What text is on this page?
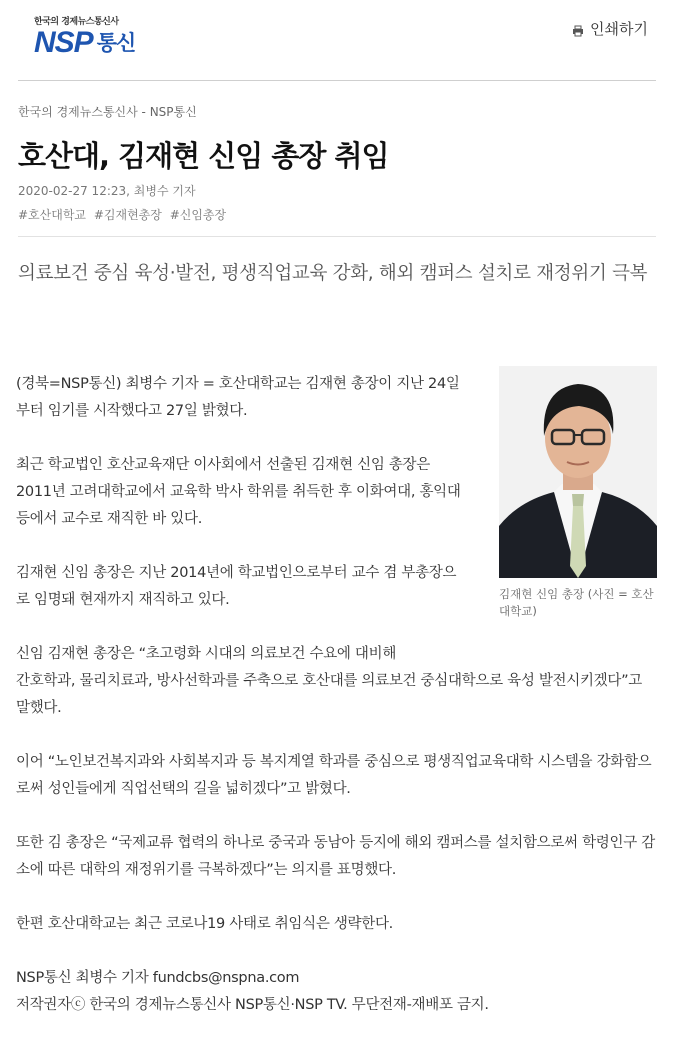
한국의 경제뉴스통신사
NSP 통신
인쇄하기
한국의 경제뉴스통신사 - NSP통신
호산대, 김재현 신임 총장 취임
2020-02-27 12:23, 최병수 기자
#호산대학교 #김재현총장 #신임총장
의료보건 중심 육성·발전, 평생직업교육 강화, 해외 캠퍼스 설치로 재정위기 극복
김재현 신임 총장 (사진 = 호산대학교)

(경북=NSP통신) 최병수 기자 = 호산대학교는 김재현 총장이 지난 24일부터 임기를 시작했다고 27일 밝혔다.

최근 학교법인 호산교육재단 이사회에서 선출된 김재현 신임 총장은 2011년 고려대학교에서 교육학 박사 학위를 취득한 후 이화여대, 홍익대 등에서 교수로 재직한 바 있다.

김재현 신임 총장은 지난 2014년에 학교법인으로부터 교수 겸 부총장으로 임명돼 현재까지 재직하고 있다.

신임 김재현 총장은 “초고령화 시대의 의료보건 수요에 대비해

간호학과, 물리치료과, 방사선학과를 주축으로 호산대를 의료보건 중심대학으로 육성 발전시키겠다”고 말했다.

이어 “노인보건복지과와 사회복지과 등 복지계열 학과를 중심으로 평생직업교육대학 시스템을 강화함으로써 성인들에게 직업선택의 길을 넓히겠다”고 밝혔다.

또한 김 총장은 “국제교류 협력의 하나로 중국과 동남아 등지에 해외 캠퍼스를 설치함으로써 학령인구 감소에 따른 대학의 재정위기를 극복하겠다”는 의지를 표명했다.

한편 호산대학교는 최근 코로나19 사태로 취임식은 생략한다.

NSP통신 최병수 기자 fundcbs@nspna.com

저작권자ⓒ 한국의 경제뉴스통신사 NSP통신·NSP TV. 무단전재-재배포 금지.
